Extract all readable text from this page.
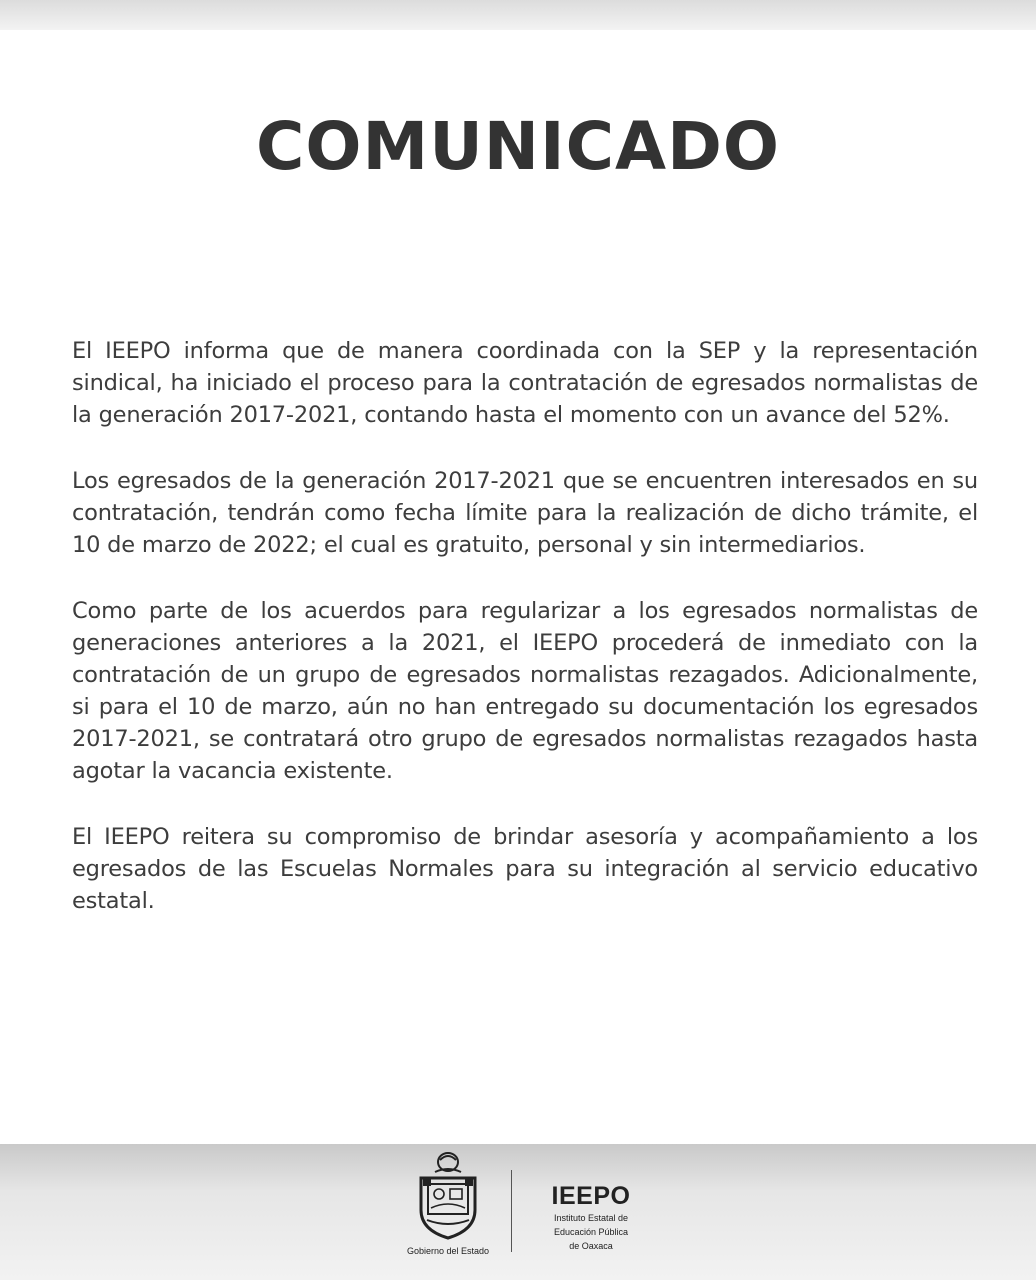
COMUNICADO

El IEEPO informa que de manera coordinada con la SEP y la representación sindical, ha iniciado el proceso para la contratación de egresados normalistas de la generación 2017-2021, contando hasta el momento con un avance del 52%.

Los egresados de la generación 2017-2021 que se encuentren interesados en su contratación, tendrán como fecha límite para la realización de dicho trámite, el 10 de marzo de 2022; el cual es gratuito, personal y sin intermediarios.

Como parte de los acuerdos para regularizar a los egresados normalistas de generaciones anteriores a la 2021, el IEEPO procederá de inmediato con la contratación de un grupo de egresados normalistas rezagados. Adicionalmente, si para el 10 de marzo, aún no han entregado su documentación los egresados 2017-2021, se contratará otro grupo de egresados normalistas rezagados hasta agotar la vacancia existente.

El IEEPO reitera su compromiso de brindar asesoría y acompañamiento a los egresados de las Escuelas Normales para su integración al servicio educativo estatal.

Gobierno del Estado
IEEPO
Instituto Estatal de
Educación Pública
de Oaxaca
